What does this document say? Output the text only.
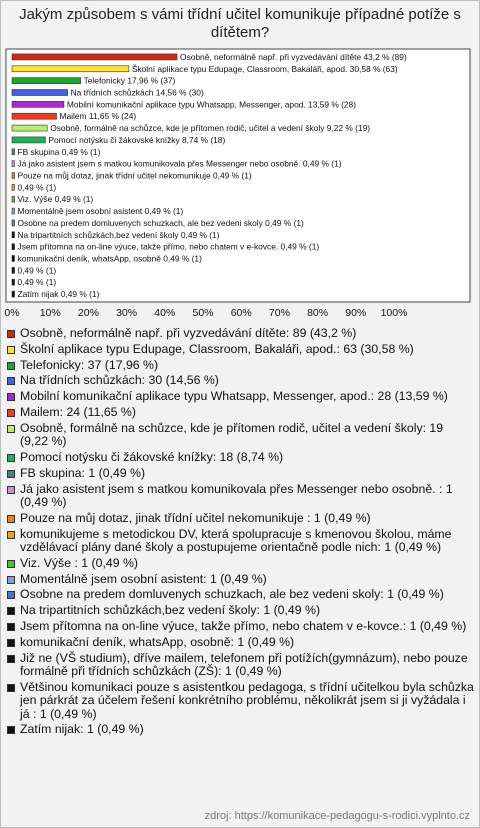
Jakým způsobem s vámi třídní učitel komunikuje případné potíže s dítětem?
Osobně, neformálně např. při vyzvedávání dítěte 43,2 % (89)
Školní aplikace typu Edupage, Classroom, Bakaláři, apod. 30,58 % (63)
Telefonicky 17,96 % (37)
Na třídních schůzkách 14,56 % (30)
Mobilní komunikační aplikace typu Whatsapp, Messenger, apod. 13,59 % (28)
Mailem 11,65 % (24)
Osobně, formálně na schůzce, kde je přítomen rodič, učitel a vedení školy 9,22 % (19)
Pomocí notýsku či žákovské knížky 8,74 % (18)
FB skupina 0,49 % (1)
Já jako asistent jsem s matkou komunikovala přes Messenger nebo osobně. 0,49 % (1)
Pouze na můj dotaz, jinak třídní učitel nekomunikuje 0,49 % (1)
0,49 % (1)
Viz. Výše 0,49 % (1)
Momentálně jsem osobní asistent 0,49 % (1)
Osobne na predem domluvenych schuzkach, ale bez vedeni skoly 0,49 % (1)
Na tripartitních schůzkách,bez vedení školy 0,49 % (1)
Jsem přítomna na on-line výuce, takže přímo, nebo chatem v e-kovce. 0,49 % (1)
komunikační deník, whatsApp, osobně 0,49 % (1)
0,49 % (1)
0,49 % (1)
Zatím nijak 0,49 % (1)
0% 10% 20% 30% 40% 50% 60% 70% 80% 90% 100%
Osobně, neformálně např. při vyzvedávání dítěte: 89 (43,2 %)
Školní aplikace typu Edupage, Classroom, Bakaláři, apod.: 63 (30,58 %)
Telefonicky: 37 (17,96 %)
Na třídních schůzkách: 30 (14,56 %)
Mobilní komunikační aplikace typu Whatsapp, Messenger, apod.: 28 (13,59 %)
Mailem: 24 (11,65 %)
Osobně, formálně na schůzce, kde je přítomen rodič, učitel a vedení školy: 19 (9,22 %)
Pomocí notýsku či žákovské knížky: 18 (8,74 %)
FB skupina: 1 (0,49 %)
Já jako asistent jsem s matkou komunikovala přes Messenger nebo osobně. : 1 (0,49 %)
Pouze na můj dotaz, jinak třídní učitel nekomunikuje : 1 (0,49 %)
komunikujeme s metodickou DV, která spolupracuje s kmenovou školou, máme vzdělávací plány dané školy a postupujeme orientačně podle nich: 1 (0,49 %)
Viz. Výše : 1 (0,49 %)
Momentálně jsem osobní asistent: 1 (0,49 %)
Osobne na predem domluvenych schuzkach, ale bez vedeni skoly: 1 (0,49 %)
Na tripartitních schůzkách,bez vedení školy: 1 (0,49 %)
Jsem přítomna na on-line výuce, takže přímo, nebo chatem v e-kovce.: 1 (0,49 %)
komunikační deník, whatsApp, osobně: 1 (0,49 %)
Již ne (VŠ studium), dříve mailem, telefonem při potížích(gymnázum), nebo pouze formálně při třídních schůzkách (ZŠ): 1 (0,49 %)
Většinou komunikaci pouze s asistentkou pedagoga, s třídní učitelkou byla schůzka jen párkrát za účelem řešení konkrétního problému, několikrát jsem si ji vyžádala i já : 1 (0,49 %)
Zatím nijak: 1 (0,49 %)
zdroj: https://komunikace-pedagogu-s-rodici.vyplnto.cz
